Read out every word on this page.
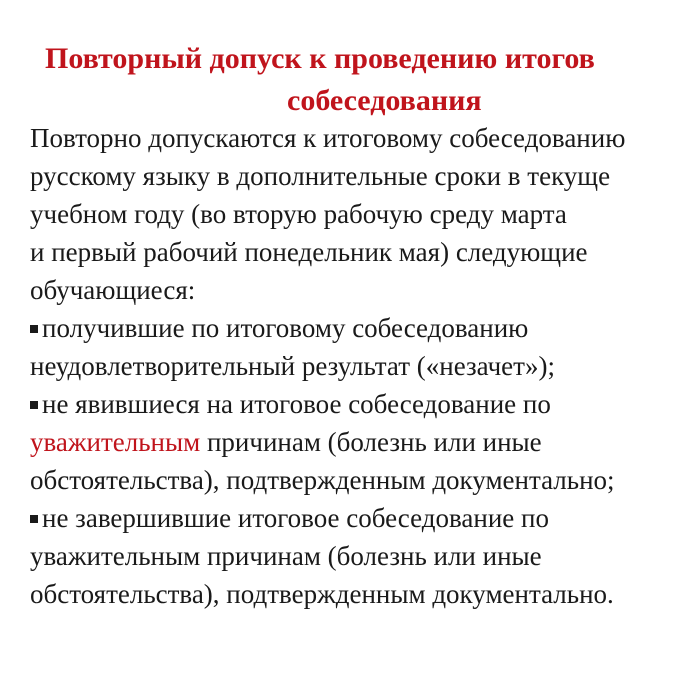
Повторный допуск к проведению итогов
собеседования
Повторно допускаются к итоговому собеседованию
русскому языку в дополнительные сроки в текуще
учебном году (во вторую рабочую среду марта
и первый рабочий понедельник мая) следующие
обучающиеся:
получившие по итоговому собеседованию
неудовлетворительный результат («незачет»);
не явившиеся на итоговое собеседование по
уважительным причинам (болезнь или иные
обстоятельства), подтвержденным документально;
не завершившие итоговое собеседование по
уважительным причинам (болезнь или иные
обстоятельства), подтвержденным документально.
